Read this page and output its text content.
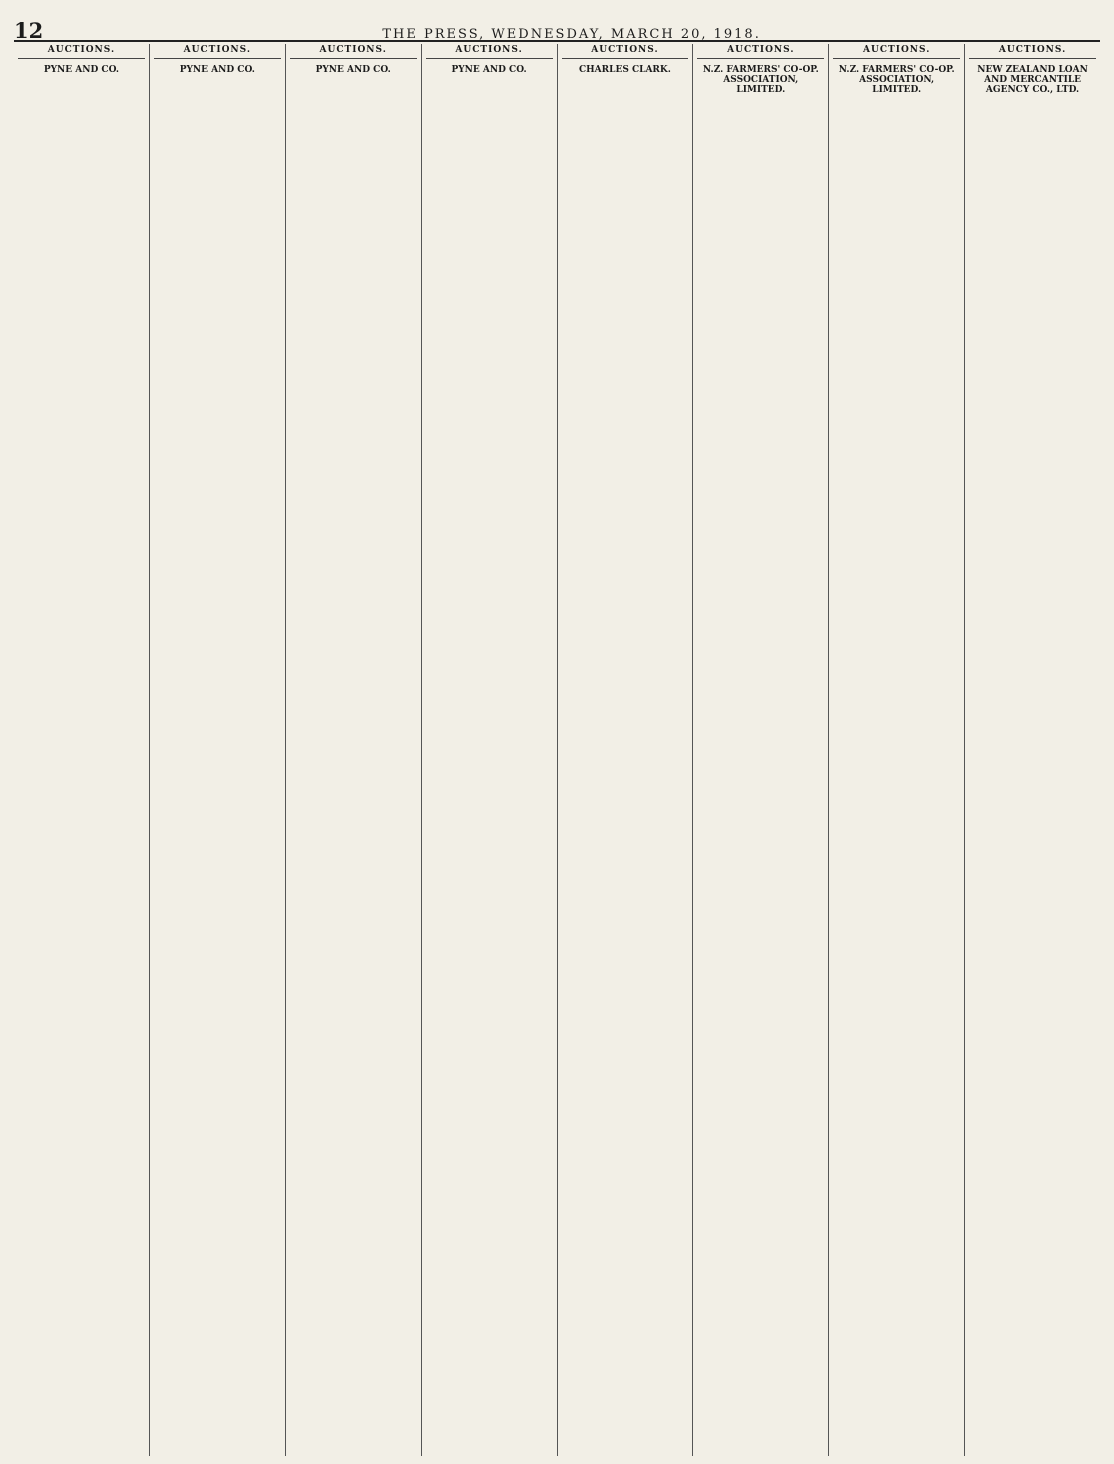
12	THE PRESS, WEDNESDAY, MARCH 20, 1918.
AUCTIONS.
PYNE AND CO.
AUCTIONS.
PYNE AND CO.
AUCTIONS.
PYNE AND CO.
AUCTIONS.
PYNE AND CO.
AUCTIONS.
CHARLES CLARK.
AUCTIONS.
N.Z. FARMERS' CO-OP. ASSOCIATION, LIMITED.
AUCTIONS.
N.Z. FARMERS' CO-OP. ASSOCIATION, LIMITED.
AUCTIONS.
NEW ZEALAND LOAN AND MERCANTILE AGENCY CO., LTD.
